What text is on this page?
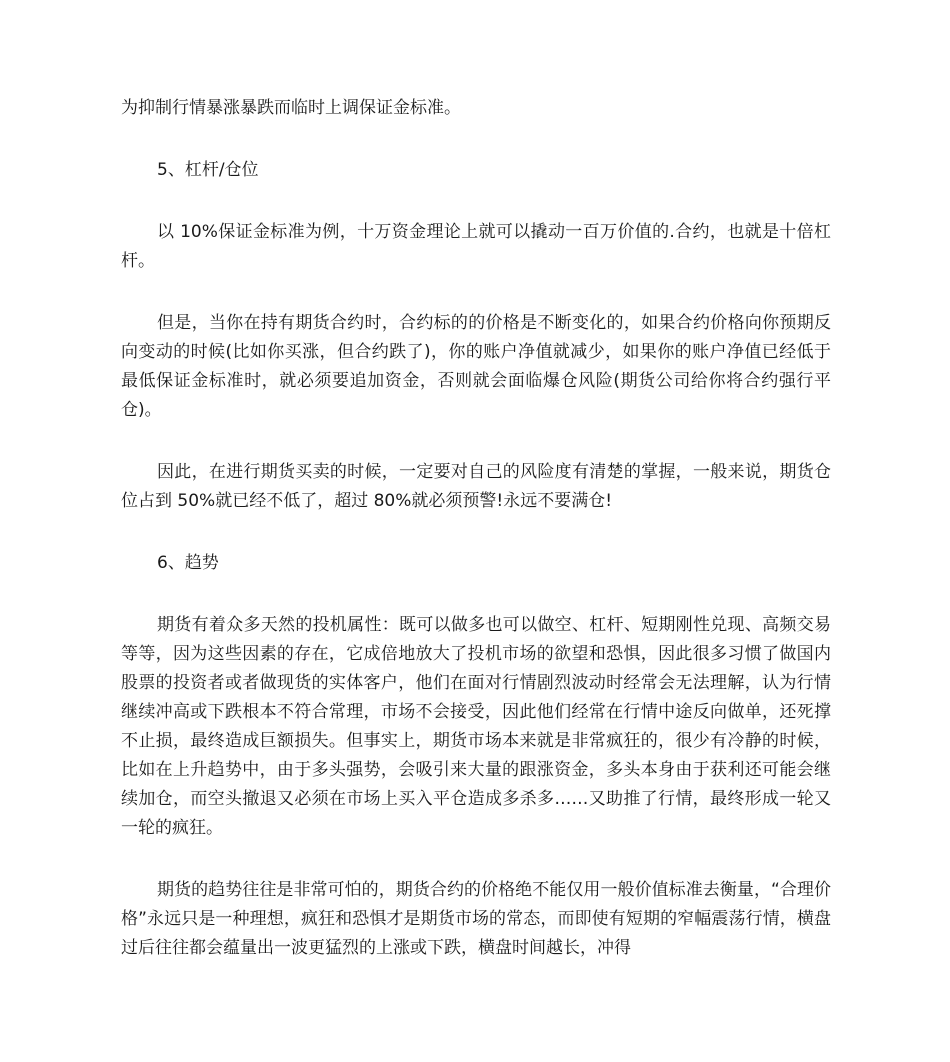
为抑制行情暴涨暴跌而临时上调保证金标准。

5、杠杆/仓位

以 10%保证金标准为例，十万资金理论上就可以撬动一百万价值的.合约，也就是十倍杠杆。

但是，当你在持有期货合约时，合约标的的价格是不断变化的，如果合约价格向你预期反向变动的时候(比如你买涨，但合约跌了)，你的账户净值就减少，如果你的账户净值已经低于最低保证金标准时，就必须要追加资金，否则就会面临爆仓风险(期货公司给你将合约强行平仓)。

因此，在进行期货买卖的时候，一定要对自己的风险度有清楚的掌握，一般来说，期货仓位占到 50%就已经不低了，超过 80%就必须预警!永远不要满仓!

6、趋势

期货有着众多天然的投机属性：既可以做多也可以做空、杠杆、短期刚性兑现、高频交易等等，因为这些因素的存在，它成倍地放大了投机市场的欲望和恐惧，因此很多习惯了做国内股票的投资者或者做现货的实体客户，他们在面对行情剧烈波动时经常会无法理解，认为行情继续冲高或下跌根本不符合常理，市场不会接受，因此他们经常在行情中途反向做单，还死撑不止损，最终造成巨额损失。但事实上，期货市场本来就是非常疯狂的，很少有冷静的时候，比如在上升趋势中，由于多头强势，会吸引来大量的跟涨资金，多头本身由于获利还可能会继续加仓，而空头撤退又必须在市场上买入平仓造成多杀多……又助推了行情，最终形成一轮又一轮的疯狂。

期货的趋势往往是非常可怕的，期货合约的价格绝不能仅用一般价值标准去衡量，“合理价格”永远只是一种理想，疯狂和恐惧才是期货市场的常态，而即使有短期的窄幅震荡行情，横盘过后往往都会蕴量出一波更猛烈的上涨或下跌，横盘时间越长，冲得
